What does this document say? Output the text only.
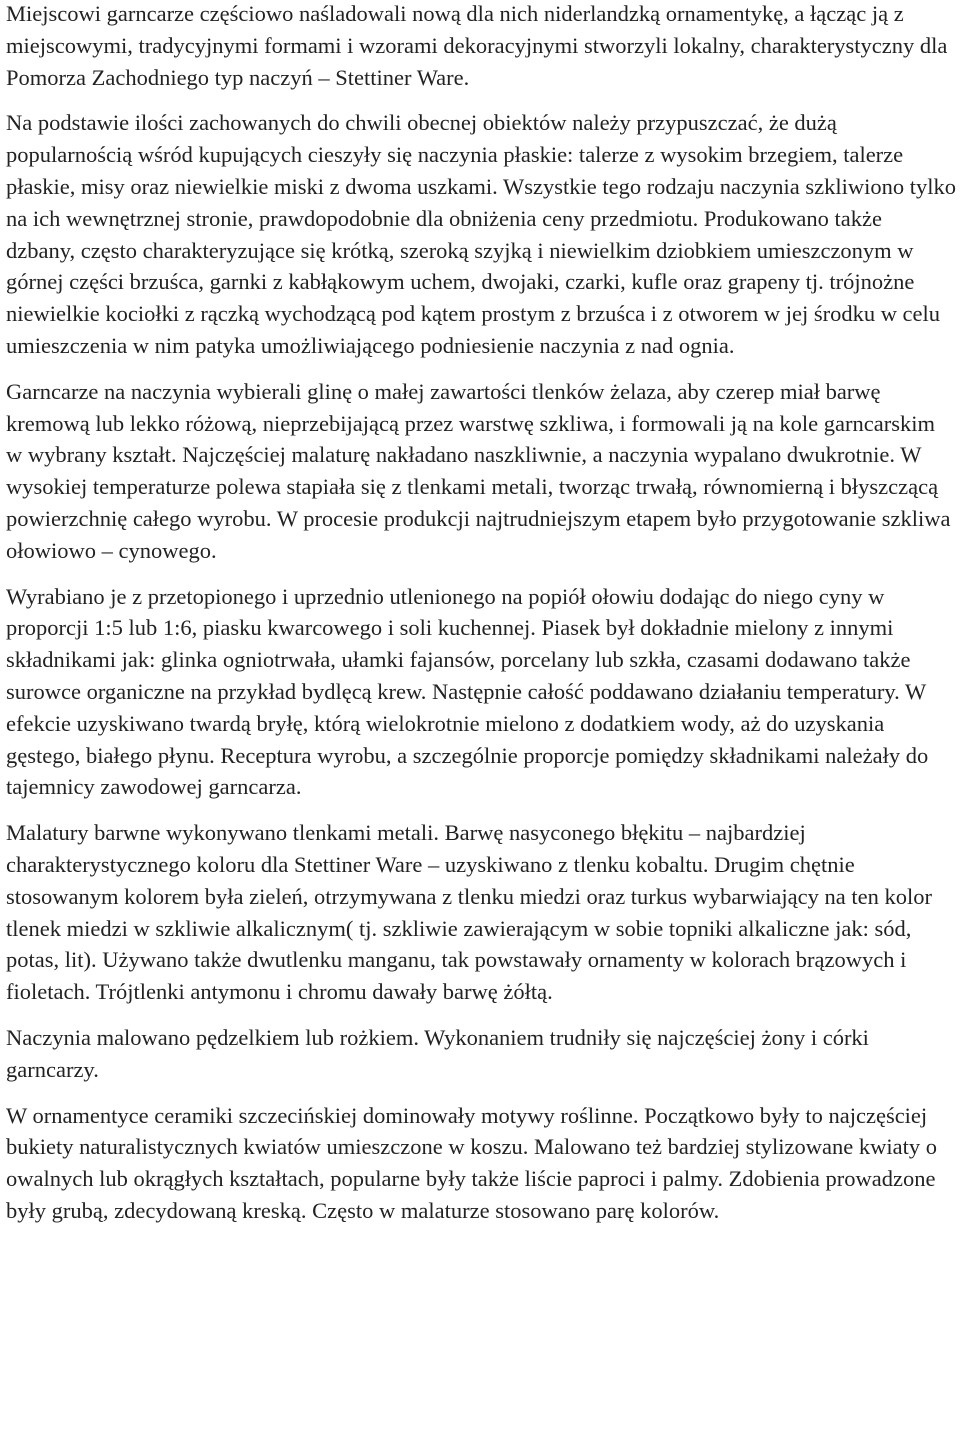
Miejscowi garncarze częściowo naśladowali nową dla nich niderlandzką ornamentykę, a łącząc ją z miejscowymi, tradycyjnymi formami i wzorami dekoracyjnymi stworzyli lokalny, charakterystyczny dla Pomorza Zachodniego typ naczyń – Stettiner Ware.

Na podstawie ilości zachowanych do chwili obecnej obiektów należy przypuszczać, że dużą popularnością wśród kupujących cieszyły się naczynia płaskie: talerze z wysokim brzegiem, talerze płaskie, misy oraz niewielkie miski z dwoma uszkami. Wszystkie tego rodzaju naczynia szkliwiono tylko na ich wewnętrznej stronie, prawdopodobnie dla obniżenia ceny przedmiotu. Produkowano także dzbany, często charakteryzujące się krótką, szeroką szyjką i niewielkim dziobkiem umieszczonym w górnej części brzuśca, garnki z kabłąkowym uchem, dwojaki, czarki, kufle oraz grapeny tj. trójnożne niewielkie kociołki z rączką wychodzącą pod kątem prostym z brzuśca i z otworem w jej środku w celu umieszczenia w nim patyka umożliwiającego podniesienie naczynia z nad ognia.

Garncarze na naczynia wybierali glinę o małej zawartości tlenków żelaza, aby czerep miał barwę kremową lub lekko różową, nieprzebijającą przez warstwę szkliwa, i formowali ją na kole garncarskim w wybrany kształt. Najczęściej malaturę nakładano naszkliwnie, a naczynia wypalano dwukrotnie. W wysokiej temperaturze polewa stapiała się z tlenkami metali, tworząc trwałą, równomierną i błyszczącą powierzchnię całego wyrobu. W procesie produkcji najtrudniejszym etapem było przygotowanie szkliwa ołowiowo – cynowego.

Wyrabiano je z przetopionego i uprzednio utlenionego na popiół ołowiu dodając do niego cyny w proporcji 1:5 lub 1:6, piasku kwarcowego i soli kuchennej. Piasek był dokładnie mielony z innymi składnikami jak: glinka ogniotrwała, ułamki fajansów, porcelany lub szkła, czasami dodawano także surowce organiczne na przykład bydlęcą krew. Następnie całość poddawano działaniu temperatury. W efekcie uzyskiwano twardą bryłę, którą wielokrotnie mielono z dodatkiem wody, aż do uzyskania gęstego, białego płynu. Receptura wyrobu, a szczególnie proporcje pomiędzy składnikami należały do tajemnicy zawodowej garncarza.

Malatury barwne wykonywano tlenkami metali. Barwę nasyconego błękitu – najbardziej charakterystycznego koloru dla Stettiner Ware – uzyskiwano z tlenku kobaltu. Drugim chętnie stosowanym kolorem była zieleń, otrzymywana z tlenku miedzi oraz turkus wybarwiający na ten kolor tlenek miedzi w szkliwie alkalicznym( tj. szkliwie zawierającym w sobie topniki alkaliczne jak: sód, potas, lit). Używano także dwutlenku manganu, tak powstawały ornamenty w kolorach brązowych i fioletach. Trójtlenki antymonu i chromu dawały barwę żółtą.

Naczynia malowano pędzelkiem lub rożkiem. Wykonaniem trudniły się najczęściej żony i córki garncarzy.

W ornamentyce ceramiki szczecińskiej dominowały motywy roślinne. Początkowo były to najczęściej bukiety naturalistycznych kwiatów umieszczone w koszu. Malowano też bardziej stylizowane kwiaty o owalnych lub okrągłych kształtach, popularne były także liście paproci i palmy. Zdobienia prowadzone były grubą, zdecydowaną kreską. Często w malaturze stosowano parę kolorów.
